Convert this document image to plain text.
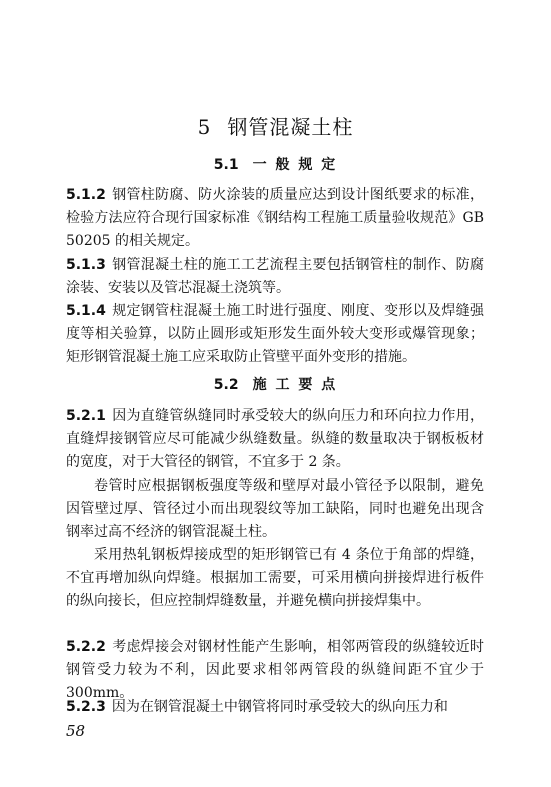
5 钢管混凝土柱
5.1 一 般 规 定
5.1.2 钢管柱防腐、防火涂装的质量应达到设计图纸要求的标准，检验方法应符合现行国家标准《钢结构工程施工质量验收规范》GB 50205 的相关规定。
5.1.3 钢管混凝土柱的施工工艺流程主要包括钢管柱的制作、防腐涂装、安装以及管芯混凝土浇筑等。
5.1.4 规定钢管柱混凝土施工时进行强度、刚度、变形以及焊缝强度等相关验算，以防止圆形或矩形发生面外较大变形或爆管现象；矩形钢管混凝土施工应采取防止管壁平面外变形的措施。
5.2 施 工 要 点
5.2.1 因为直缝管纵缝同时承受较大的纵向压力和环向拉力作用，直缝焊接钢管应尽可能减少纵缝数量。纵缝的数量取决于钢板板材的宽度，对于大管径的钢管，不宜多于 2 条。
卷管时应根据钢板强度等级和壁厚对最小管径予以限制，避免因管壁过厚、管径过小而出现裂纹等加工缺陷，同时也避免出现含钢率过高不经济的钢管混凝土柱。
采用热轧钢板焊接成型的矩形钢管已有 4 条位于角部的焊缝，不宜再增加纵向焊缝。根据加工需要，可采用横向拼接焊进行板件的纵向接长，但应控制焊缝数量，并避免横向拼接焊集中。
5.2.2 考虑焊接会对钢材性能产生影响，相邻两管段的纵缝较近时钢管受力较为不利，因此要求相邻两管段的纵缝间距不宜少于 300mm。
5.2.3 因为在钢管混凝土中钢管将同时承受较大的纵向压力和
58
